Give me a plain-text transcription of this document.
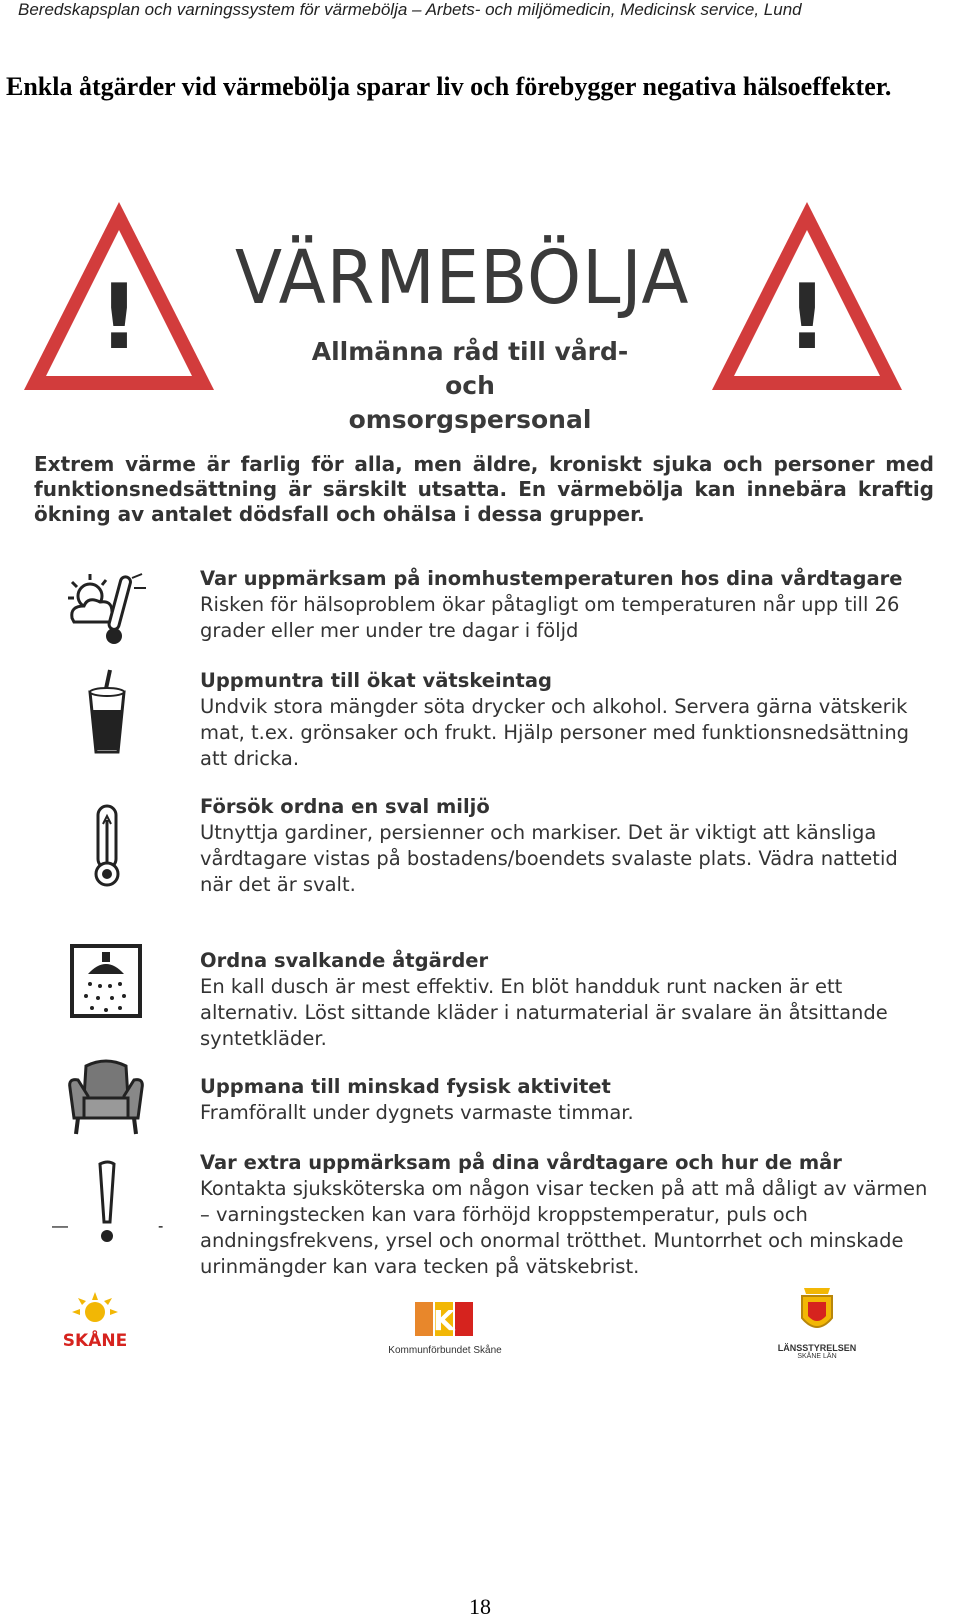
Beredskapsplan och varningssystem för värmebölja – Arbets- och miljömedicin, Medicinsk service, Lund
Enkla åtgärder vid värmebölja sparar liv och förebygger negativa hälsoeffekter.
!	!
VÄRMEBÖLJA
Allmänna råd till vård- och
omsorgspersonal
Extrem värme är farlig för alla, men äldre, kroniskt sjuka och personer med funktionsnedsättning är särskilt utsatta. En värmebölja kan innebära kraftig ökning av antalet dödsfall och ohälsa i dessa grupper.
Var uppmärksam på inomhustemperaturen hos dina vårdtagare
Risken för hälsoproblem ökar påtagligt om temperaturen når upp till 26 grader eller mer under tre dagar i följd
Uppmuntra till ökat vätskeintag
Undvik stora mängder söta drycker och alkohol. Servera gärna vätskerik mat, t.ex. grönsaker och frukt. Hjälp personer med funktionsnedsättning att dricka.
Försök ordna en sval miljö
Utnyttja gardiner, persienner och markiser. Det är viktigt att känsliga vårdtagare vistas på bostadens/boendets svalaste plats. Vädra nattetid när det är svalt.
Ordna svalkande åtgärder
En kall dusch är mest effektiv. En blöt handduk runt nacken är ett alternativ. Löst sittande kläder i naturmaterial är svalare än åtsittande syntetkläder.
Uppmana till minskad fysisk aktivitet
Framförallt under dygnets varmaste timmar.
—	-
Var extra uppmärksam på dina vårdtagare och hur de mår
Kontakta sjuksköterska om någon visar tecken på att må dåligt av värmen – varningstecken kan vara förhöjd kroppstemperatur, puls och andningsfrekvens, yrsel och onormal trötthet. Muntorrhet och minskade urinmängder kan vara tecken på vätskebrist.
SKÅNE
K
Kommunförbundet Skåne	LÄNSSTYRELSEN
SKÅNE LÄN
18
